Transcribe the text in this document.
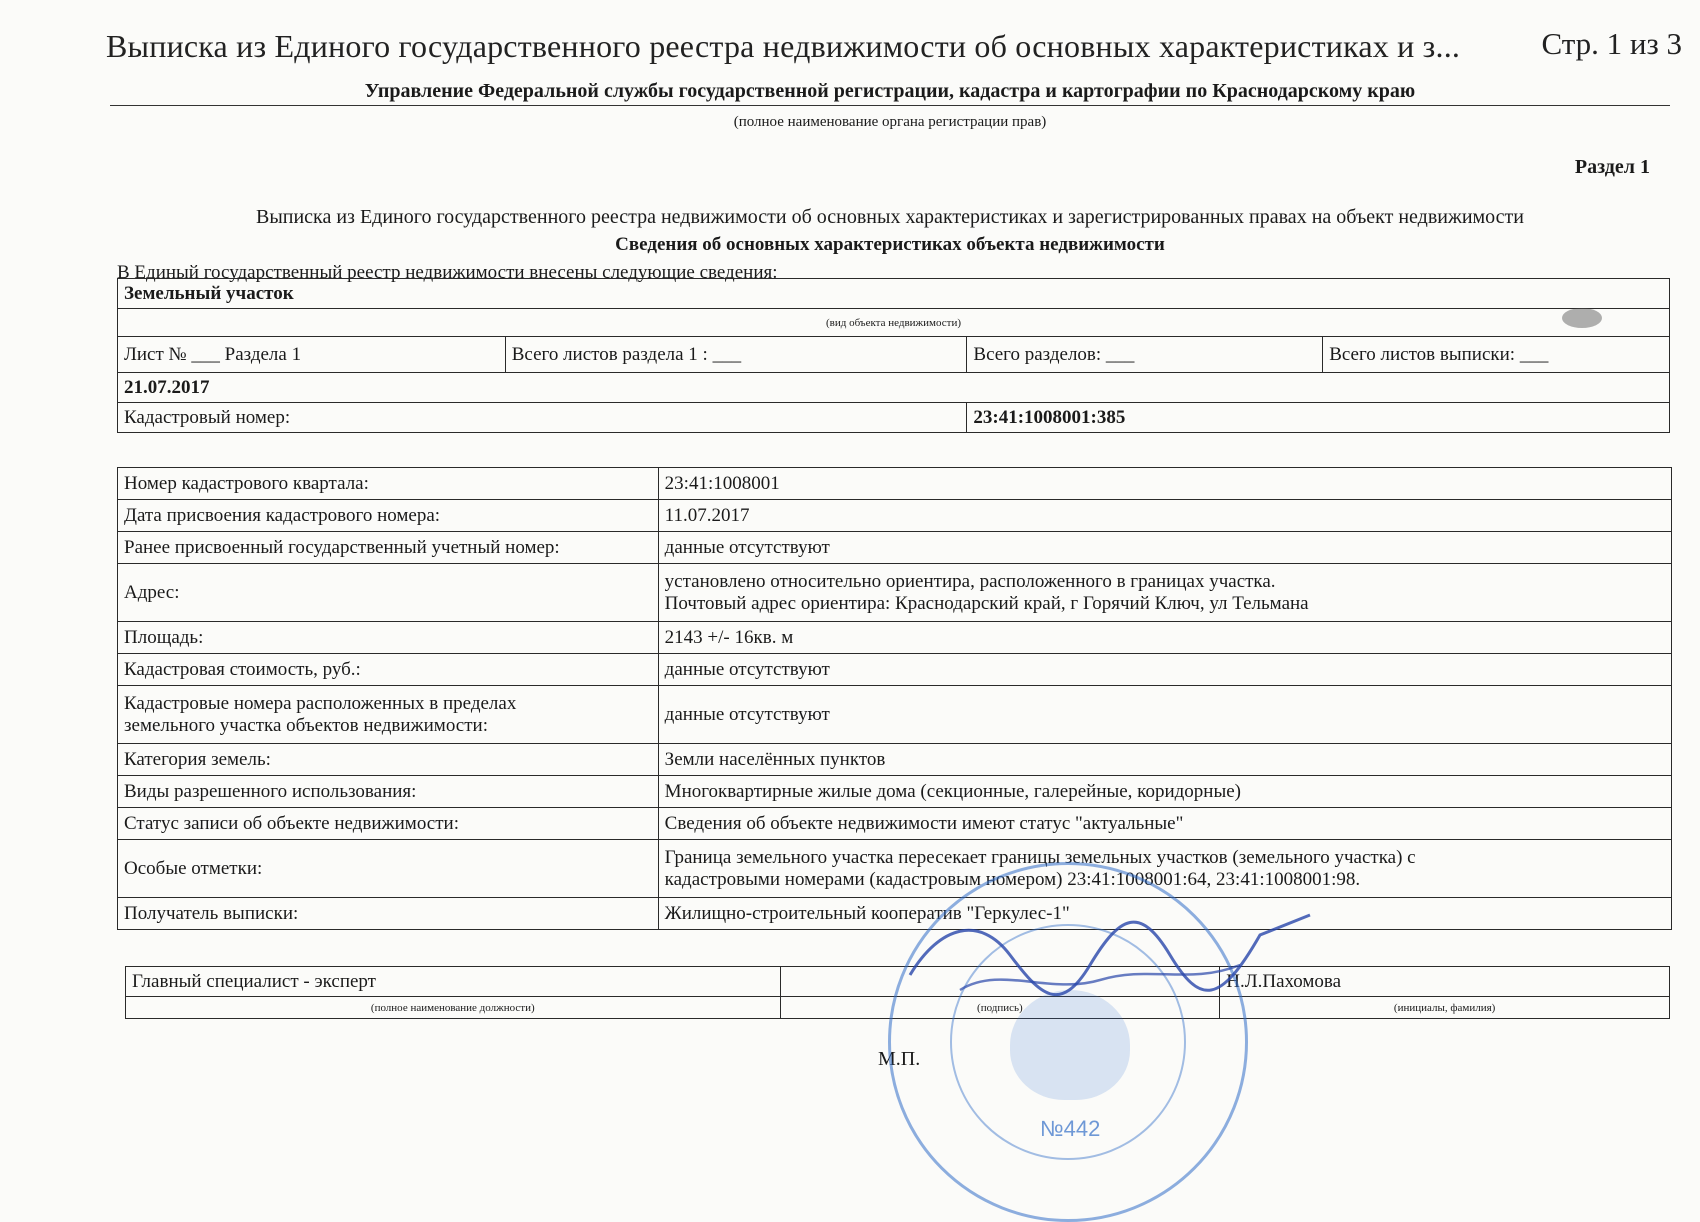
Выписка из Единого государственного реестра недвижимости об основных характеристиках и з...	Стр. 1 из 3
Управление Федеральной службы государственной регистрации, кадастра и картографии по Краснодарскому краю
(полное наименование органа регистрации прав)
Раздел 1
Выписка из Единого государственного реестра недвижимости об основных характеристиках и зарегистрированных правах на объект недвижимости
Сведения об основных характеристиках объекта недвижимости
В Единый государственный реестр недвижимости внесены следующие сведения:
Земельный участок			
(вид объекта недвижимости)			
Лист № ___ Раздела 1	Всего листов раздела 1 : ___	Всего разделов: ___	Всего листов выписки: ___
21.07.2017			
Кадастровый номер:		23:41:1008001:385	
Номер кадастрового квартала:	23:41:1008001
Дата присвоения кадастрового номера:	11.07.2017
Ранее присвоенный государственный учетный номер:	данные отсутствуют
Адрес:	установлено относительно ориентира, расположенного в границах участка.
Почтовый адрес ориентира: Краснодарский край, г Горячий Ключ, ул Тельмана

Площадь:	2143 +/- 16кв. м
Кадастровая стоимость, руб.:	данные отсутствуют

Кадастровые номера расположенных в пределах
земельного участка объектов недвижимости:	данные отсутствуют
Категория земель:	Земли населённых пунктов
Виды разрешенного использования:	Многоквартирные жилые дома (секционные, галерейные, коридорные)
Статус записи об объекте недвижимости:	Сведения об объекте недвижимости имеют статус "актуальные"
Особые отметки:	Граница земельного участка пересекает границы земельных участков (земельного участка) с
кадастровыми номерами (кадастровым номером) 23:41:1008001:64, 23:41:1008001:98.

Получатель выписки:	Жилищно-строительный кооператив "Геркулес-1"
Главный специалист - эксперт		Н.Л.Пахомова
(полное наименование должности)	(подпись)	(инициалы, фамилия)
М.П.
№442
